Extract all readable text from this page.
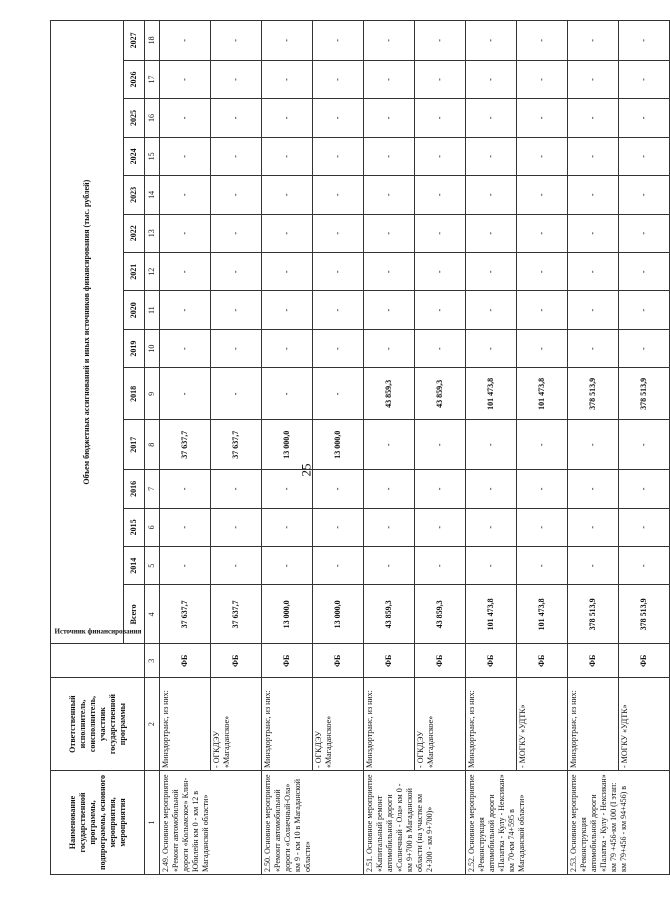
25
Наименование государственной программы, подпрограммы, основного мероприятия, мероприятия	Ответственный исполнитель, соисполнитель, участник государственной программы	Источник финансирования	Объем бюджетных ассигнований и иных источников финансирования (тыс. рублей)														
			Всего	2014	2015	2016	2017	2018	2019	2020	2021	2022	2023	2024	2025	2026	2027
1	2	3	4	5	6	7	8	9	10	11	12	13	14	15	16	17	18
2.49. Основное мероприятие «Ремонт автомобильной дороги «Колымское» Клин-Юбилейн км 0 - км 12 в Магаданской области»	Минздортранс, из них:	ФБ	37 637,7	-	-	-	37 637,7	-	-	-	-	-	-	-	-	-	-
	- ОГКДЭУ «Магаданское»	ФБ	37 637,7	-	-	-	37 637,7	-	-	-	-	-	-	-	-	-	-
2.50. Основное мероприятие «Ремонт автомобильной дороги «Солнечный-Ола» км 9 - км 10 в Магаданской области»	Минздортранс, из них:	ФБ	13 000,0	-	-	-	13 000,0	-	-	-	-	-	-	-	-	-	-
	- ОГКДЭУ «Магаданское»	ФБ	13 000,0	-	-	-	13 000,0	-	-	-	-	-	-	-	-	-	-
2.51. Основное мероприятие «Капитальный ремонт автомобильной дороги «Солнечный - Ола» км 0 - км 9+700 в Магаданской области (на участке км 2+300 - км 9+700)»	Минздортранс, из них:	ФБ	43 859,3	-	-	-	-	43 859,3	-	-	-	-	-	-	-	-	-
	- ОГКДЭУ «Магаданское»	ФБ	43 859,3	-	-	-	-	43 859,3	-	-	-	-	-	-	-	-	-
2.52. Основное мероприятие «Реконструкция автомобильной дороги «Палатка - Кулу - Нексикан» км 70-км 74+595 в Магаданской области»	Минздортранс, из них:	ФБ	101 473,8	-	-	-	-	101 473,8	-	-	-	-	-	-	-	-	-
	- МОГКУ «УДТК»	ФБ	101 473,8	-	-	-	-	101 473,8	-	-	-	-	-	-	-	-	-
2.53. Основное мероприятие «Реконструкция автомобильной дороги «Палатка - Кулу - Нексикан» км 79 +456-км 100 (I этап: км 79+456 - км 94+456) в	Минздортранс, из них:	ФБ	378 513,9	-	-	-	-	378 513,9	-	-	-	-	-	-	-	-	-
	- МОГКУ «УДТК»	ФБ	378 513,9	-	-	-	-	378 513,9	-	-	-	-	-	-	-	-	-
